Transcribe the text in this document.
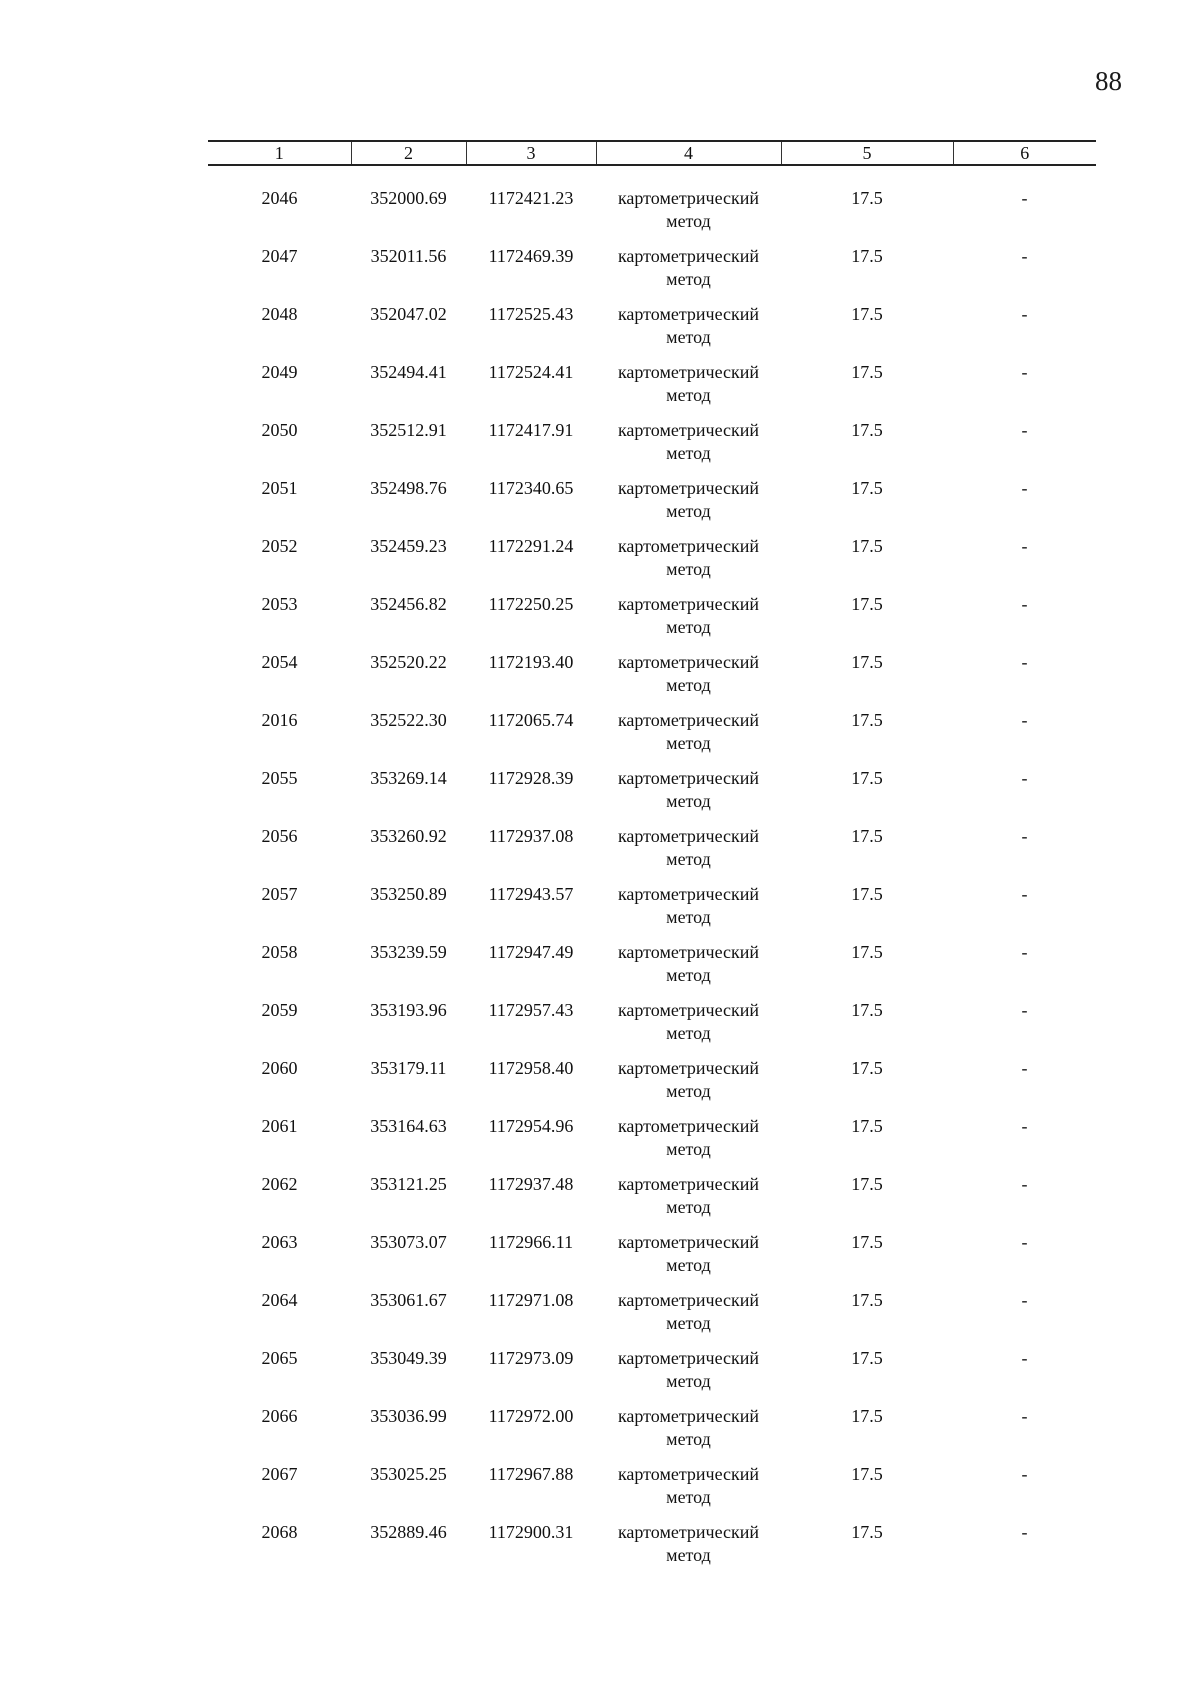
88
1	2	3	4	5	6
2046	352000.69	1172421.23	картометрический
метод	17.5	-
2047	352011.56	1172469.39	картометрический
метод	17.5	-
2048	352047.02	1172525.43	картометрический
метод	17.5	-
2049	352494.41	1172524.41	картометрический
метод	17.5	-
2050	352512.91	1172417.91	картометрический
метод	17.5	-
2051	352498.76	1172340.65	картометрический
метод	17.5	-
2052	352459.23	1172291.24	картометрический
метод	17.5	-
2053	352456.82	1172250.25	картометрический
метод	17.5	-
2054	352520.22	1172193.40	картометрический
метод	17.5	-
2016	352522.30	1172065.74	картометрический
метод	17.5	-
2055	353269.14	1172928.39	картометрический
метод	17.5	-
2056	353260.92	1172937.08	картометрический
метод	17.5	-
2057	353250.89	1172943.57	картометрический
метод	17.5	-
2058	353239.59	1172947.49	картометрический
метод	17.5	-
2059	353193.96	1172957.43	картометрический
метод	17.5	-
2060	353179.11	1172958.40	картометрический
метод	17.5	-
2061	353164.63	1172954.96	картометрический
метод	17.5	-
2062	353121.25	1172937.48	картометрический
метод	17.5	-
2063	353073.07	1172966.11	картометрический
метод	17.5	-
2064	353061.67	1172971.08	картометрический
метод	17.5	-
2065	353049.39	1172973.09	картометрический
метод	17.5	-
2066	353036.99	1172972.00	картометрический
метод	17.5	-
2067	353025.25	1172967.88	картометрический
метод	17.5	-
2068	352889.46	1172900.31	картометрический
метод	17.5	-
